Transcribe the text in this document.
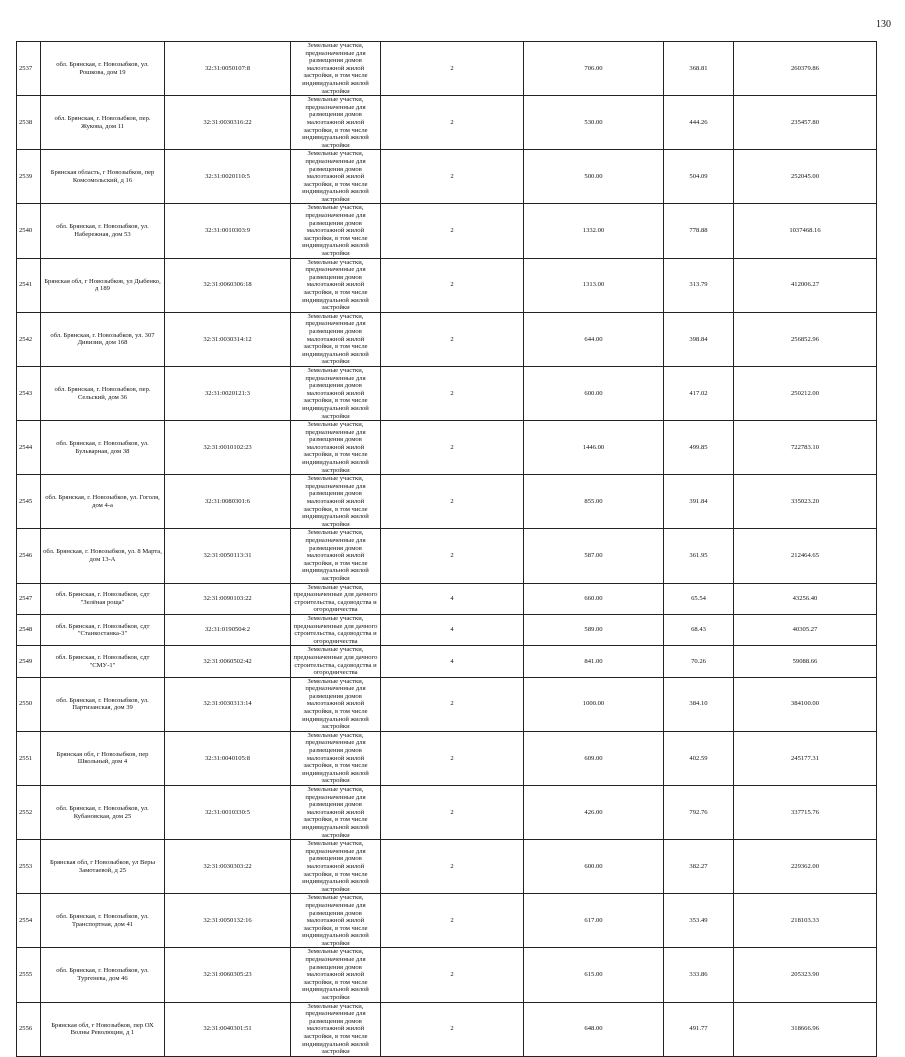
130
2537	обл. Брянская, г. Новозыбков, ул. Рошкова, дом 19	32:31:0050107:8	Земельные участки, предназначенные для размещения домов малоэтажной жилой застройки, в том числе индивидуальной жилой застройки	2	706.00	368.81	260379.86
2538	обл. Брянская, г. Новозыбков, пер. Жукова, дом 11	32:31:0030316:22	Земельные участки, предназначенные для размещения домов малоэтажной жилой застройки, в том числе индивидуальной жилой застройки	2	530.00	444.26	235457.80
2539	Брянская область, г Новозыбков, пер Комсомольский, д 16	32:31:0020110:5	Земельные участки, предназначенные для размещения домов малоэтажной жилой застройки, в том числе индивидуальной жилой застройки	2	500.00	504.09	252045.00
2540	обл. Брянская, г. Новозыбков, ул. Набережная, дом 53	32:31:0010303:9	Земельные участки, предназначенные для размещения домов малоэтажной жилой застройки, в том числе индивидуальной жилой застройки	2	1332.00	778.88	1037468.16
2541	Брянская обл, г Новозыбков, ул Дыбенко, д 189	32:31:0060306:18	Земельные участки, предназначенные для размещения домов малоэтажной жилой застройки, в том числе индивидуальной жилой застройки	2	1313.00	313.79	412006.27
2542	обл. Брянская, г. Новозыбков, ул. 307 Дивизии, дом 168	32:31:0030314:12	Земельные участки, предназначенные для размещения домов малоэтажной жилой застройки, в том числе индивидуальной жилой застройки	2	644.00	398.84	256852.96
2543	обл. Брянская, г. Новозыбков, пер. Сельский, дом 36	32:31:0020121:3	Земельные участки, предназначенные для размещения домов малоэтажной жилой застройки, в том числе индивидуальной жилой застройки	2	600.00	417.02	250212.00
2544	обл. Брянская, г. Новозыбков, ул. Бульварная, дом 38	32:31:0010102:23	Земельные участки, предназначенные для размещения домов малоэтажной жилой застройки, в том числе индивидуальной жилой застройки	2	1446.00	499.85	722783.10
2545	обл. Брянская, г. Новозыбков, ул. Гоголя, дом 4-а	32:31:0080301:6	Земельные участки, предназначенные для размещения домов малоэтажной жилой застройки, в том числе индивидуальной жилой застройки	2	855.00	391.84	335023.20
2546	обл. Брянская, г. Новозыбков, ул. 8 Марта, дом 13-А	32:31:0050113:31	Земельные участки, предназначенные для размещения домов малоэтажной жилой застройки, в том числе индивидуальной жилой застройки	2	587.00	361.95	212464.65
2547	обл. Брянская, г. Новозыбков, сдт "Зелёная роща"	32:31:0090103:22	Земельные участки, предназначенные для дачного строительства, садоводства и огородничества	4	660.00	65.54	43256.40
2548	обл. Брянская, г. Новозыбков, сдт "Станкостанка-3"	32:31:0190504:2	Земельные участки, предназначенные для дачного строительства, садоводства и огородничества	4	589.00	68.43	40305.27
2549	обл. Брянская, г. Новозыбков, сдт "СМУ-1"	32:31:0060502:42	Земельные участки, предназначенные для дачного строительства, садоводства и огородничества	4	841.00	70.26	59088.66
2550	обл. Брянская, г. Новозыбков, ул. Партизанская, дом 39	32:31:0030313:14	Земельные участки, предназначенные для размещения домов малоэтажной жилой застройки, в том числе индивидуальной жилой застройки	2	1000.00	384.10	384100.00
2551	Брянская обл, г Новозыбков, пер Школьный, дом 4	32:31:0040105:8	Земельные участки, предназначенные для размещения домов малоэтажной жилой застройки, в том числе индивидуальной жилой застройки	2	609.00	402.59	245177.31
2552	обл. Брянская, г. Новозыбков, ул. Кубановская, дом 25	32:31:0010330:5	Земельные участки, предназначенные для размещения домов малоэтажной жилой застройки, в том числе индивидуальной жилой застройки	2	426.00	792.76	337715.76
2553	Брянская обл, г Новозыбков, ул Веры Замотаевой, д 25	32:31:0030303:22	Земельные участки, предназначенные для размещения домов малоэтажной жилой застройки, в том числе индивидуальной жилой застройки	2	600.00	382.27	229362.00
2554	обл. Брянская, г. Новозыбков, ул. Транспортная, дом 41	32:31:0050132:16	Земельные участки, предназначенные для размещения домов малоэтажной жилой застройки, в том числе индивидуальной жилой застройки	2	617.00	353.49	218103.33
2555	обл. Брянская, г. Новозыбков, ул. Тургенева, дом 46	32:31:0060305:23	Земельные участки, предназначенные для размещения домов малоэтажной жилой застройки, в том числе индивидуальной жилой застройки	2	615.00	333.86	205323.90
2556	Брянская обл, г Новозыбков, пер ОХ Волны Революции, д 1	32:31:0040301:51	Земельные участки, предназначенные для размещения домов малоэтажной жилой застройки, в том числе индивидуальной жилой застройки	2	648.00	491.77	318666.96
